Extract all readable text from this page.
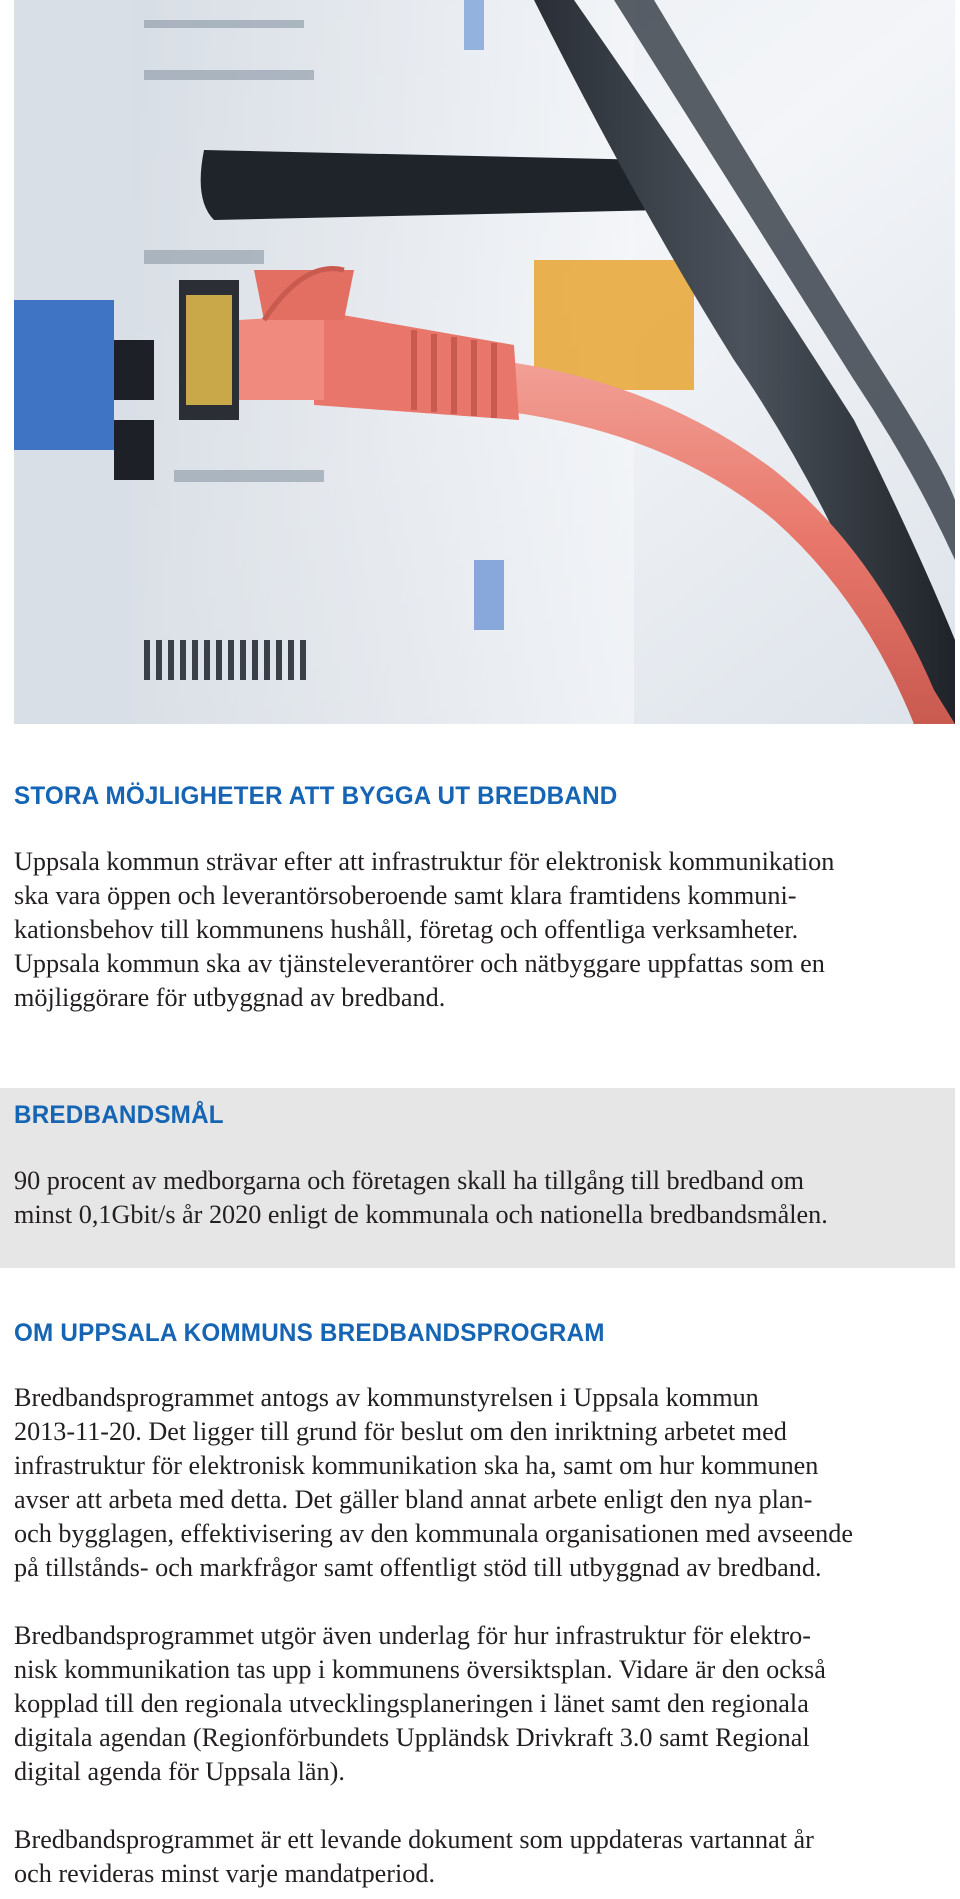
STORA MÖJLIGHETER ATT BYGGA UT BREDBAND

Uppsala kommun strävar efter att infrastruktur för elektronisk kommunikation
ska vara öppen och leverantörsoberoende samt klara framtidens kommuni-
kationsbehov till kommunens hushåll, företag och offentliga verksamheter.
Uppsala kommun ska av tjänsteleverantörer och nätbyggare uppfattas som en
möjliggörare för utbyggnad av bredband.

BREDBANDSMÅL

90 procent av medborgarna och företagen skall ha tillgång till bredband om
minst 0,1Gbit/s år 2020 enligt de kommunala och nationella bredbandsmålen.

OM UPPSALA KOMMUNS BREDBANDSPROGRAM

Bredbandsprogrammet antogs av kommunstyrelsen i Uppsala kommun
2013-11-20. Det ligger till grund för beslut om den inriktning arbetet med
infrastruktur för elektronisk kommunikation ska ha, samt om hur kommunen
avser att arbeta med detta. Det gäller bland annat arbete enligt den nya plan-
och bygglagen, effektivisering av den kommunala organisationen med avseende
på tillstånds- och markfrågor samt offentligt stöd till utbyggnad av bredband.

Bredbandsprogrammet utgör även underlag för hur infrastruktur för elektro-
nisk kommunikation tas upp i kommunens översiktsplan. Vidare är den också
kopplad till den regionala utvecklingsplaneringen i länet samt den regionala
digitala agendan (Regionförbundets Uppländsk Drivkraft 3.0 samt Regional
digital agenda för Uppsala län).

Bredbandsprogrammet är ett levande dokument som uppdateras vartannat år
och revideras minst varje mandatperiod.
